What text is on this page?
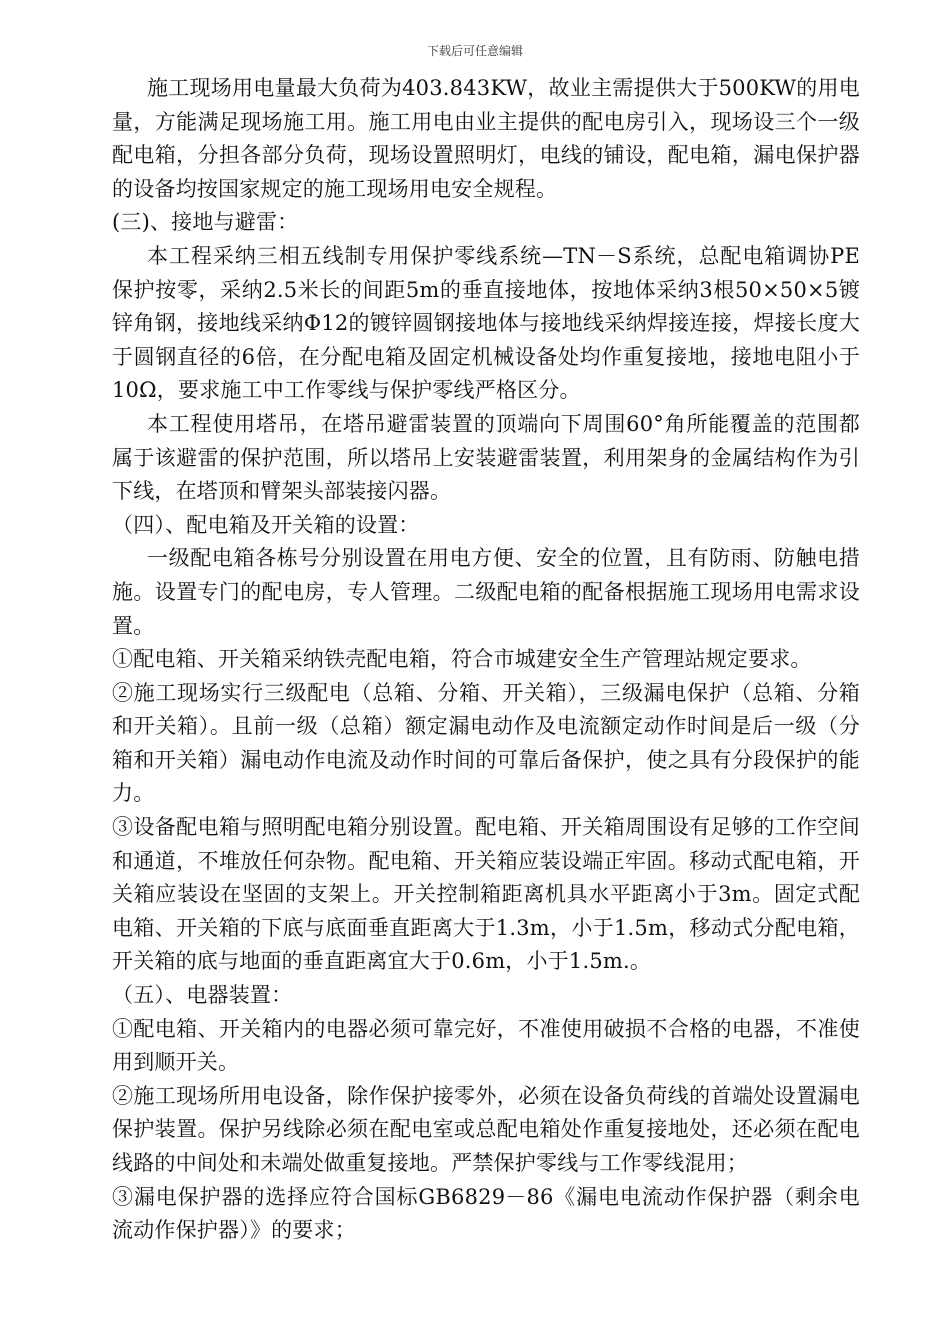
下载后可任意编辑

施工现场用电量最大负荷为403.843KW，故业主需提供大于500KW的用电量，方能满足现场施工用。施工用电由业主提供的配电房引入，现场设三个一级配电箱，分担各部分负荷，现场设置照明灯，电线的铺设，配电箱，漏电保护器的设备均按国家规定的施工现场用电安全规程。

(三)、接地与避雷：

本工程采纳三相五线制专用保护零线系统—TN－S系统，总配电箱调协PE保护按零，采纳2.5米长的间距5m的垂直接地体，按地体采纳3根50×50×5镀锌角钢，接地线采纳Φ12的镀锌圆钢接地体与接地线采纳焊接连接，焊接长度大于圆钢直径的6倍，在分配电箱及固定机械设备处均作重复接地，接地电阻小于10Ω，要求施工中工作零线与保护零线严格区分。

本工程使用塔吊，在塔吊避雷装置的顶端向下周围60°角所能覆盖的范围都属于该避雷的保护范围，所以塔吊上安装避雷装置，利用架身的金属结构作为引下线，在塔顶和臂架头部装接闪器。

（四）、配电箱及开关箱的设置：

一级配电箱各栋号分别设置在用电方便、安全的位置，且有防雨、防触电措施。设置专门的配电房，专人管理。二级配电箱的配备根据施工现场用电需求设置。

①配电箱、开关箱采纳铁壳配电箱，符合市城建安全生产管理站规定要求。

②施工现场实行三级配电（总箱、分箱、开关箱），三级漏电保护（总箱、分箱和开关箱）。且前一级（总箱）额定漏电动作及电流额定动作时间是后一级（分箱和开关箱）漏电动作电流及动作时间的可靠后备保护，使之具有分段保护的能力。

③设备配电箱与照明配电箱分别设置。配电箱、开关箱周围设有足够的工作空间和通道，不堆放任何杂物。配电箱、开关箱应装设端正牢固。移动式配电箱，开关箱应装设在坚固的支架上。开关控制箱距离机具水平距离小于3m。固定式配电箱、开关箱的下底与底面垂直距离大于1.3m，小于1.5m，移动式分配电箱，开关箱的底与地面的垂直距离宜大于0.6m，小于1.5m.。

（五）、电器装置：

①配电箱、开关箱内的电器必须可靠完好，不准使用破损不合格的电器，不准使用到顺开关。

②施工现场所用电设备，除作保护接零外，必须在设备负荷线的首端处设置漏电保护装置。保护另线除必须在配电室或总配电箱处作重复接地处，还必须在配电线路的中间处和未端处做重复接地。严禁保护零线与工作零线混用；

③漏电保护器的选择应符合国标GB6829－86《漏电电流动作保护器（剩余电流动作保护器）》的要求；
